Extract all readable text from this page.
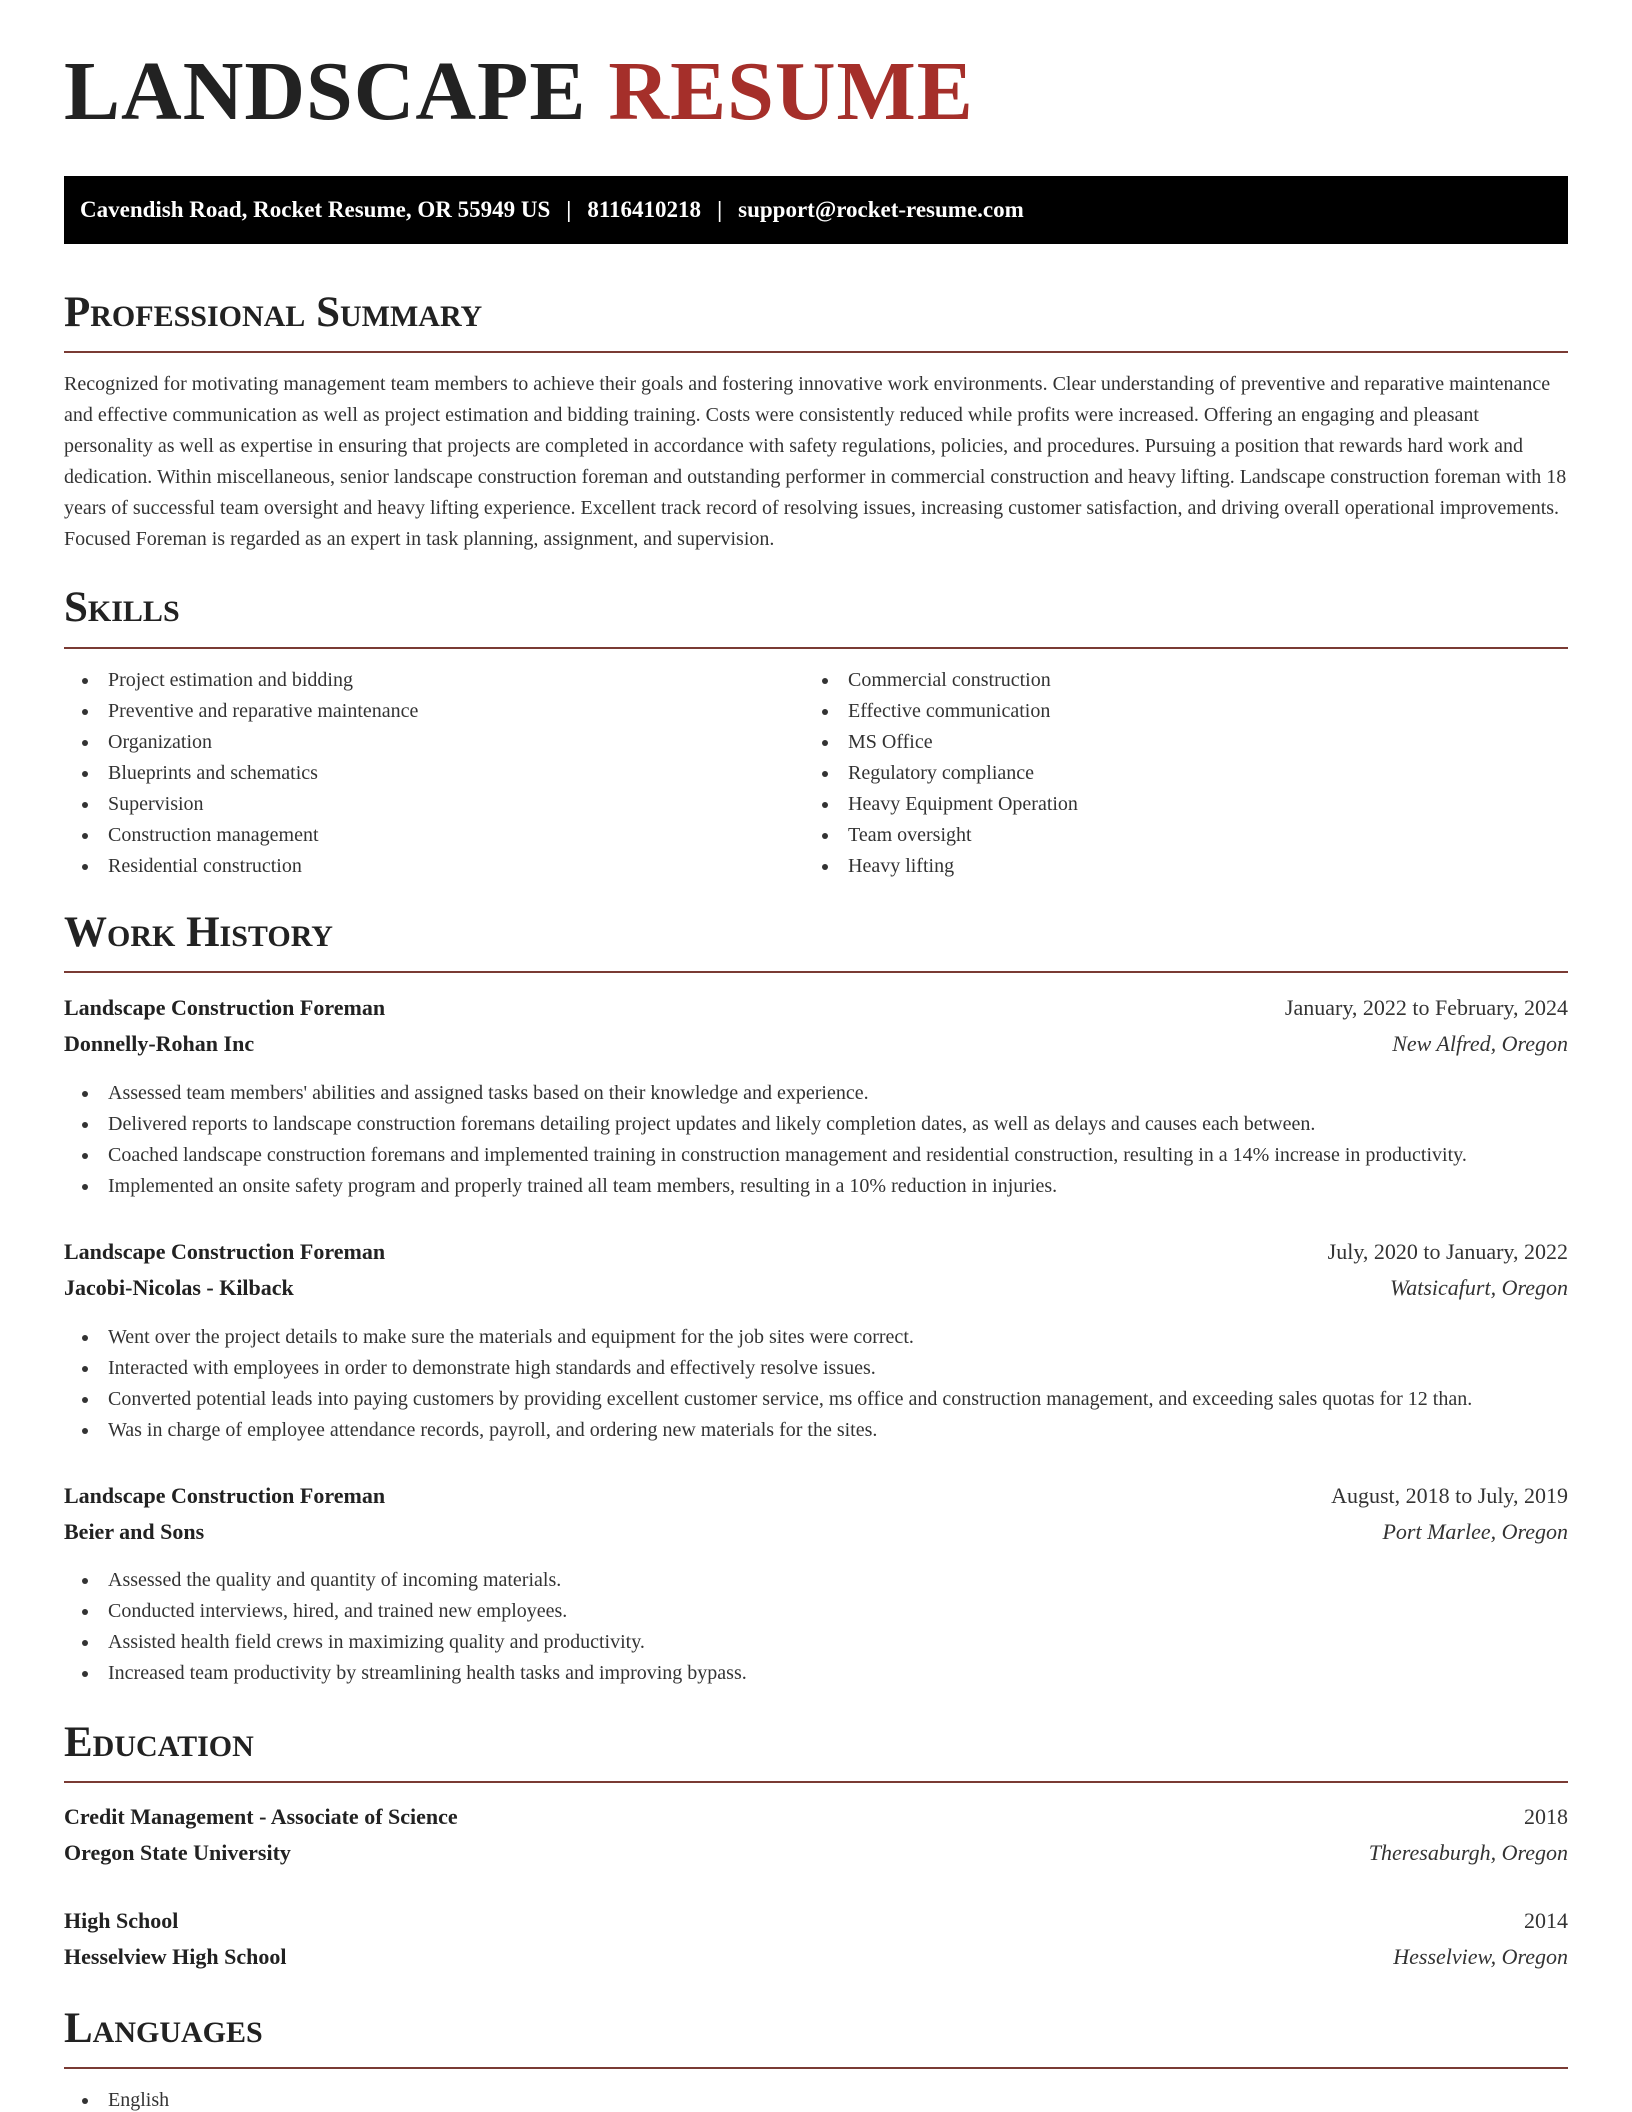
LANDSCAPE RESUME
Cavendish Road, Rocket Resume, OR 55949 US | 8116410218 | support@rocket-resume.com
Professional Summary

Recognized for motivating management team members to achieve their goals and fostering innovative work environments. Clear understanding of preventive and reparative maintenance and effective communication as well as project estimation and bidding training. Costs were consistently reduced while profits were increased. Offering an engaging and pleasant personality as well as expertise in ensuring that projects are completed in accordance with safety regulations, policies, and procedures. Pursuing a position that rewards hard work and dedication. Within miscellaneous, senior landscape construction foreman and outstanding performer in commercial construction and heavy lifting. Landscape construction foreman with 18 years of successful team oversight and heavy lifting experience. Excellent track record of resolving issues, increasing customer satisfaction, and driving overall operational improvements. Focused Foreman is regarded as an expert in task planning, assignment, and supervision.

Skills
Project estimation and bidding
Preventive and reparative maintenance
Organization
Blueprints and schematics
Supervision
Construction management
Residential construction
Commercial construction
Effective communication
MS Office
Regulatory compliance
Heavy Equipment Operation
Team oversight
Heavy lifting
Work History
Landscape Construction Foreman	January, 2022 to February, 2024
Donnelly-Rohan Inc	New Alfred, Oregon
Assessed team members' abilities and assigned tasks based on their knowledge and experience.
Delivered reports to landscape construction foremans detailing project updates and likely completion dates, as well as delays and causes each between.
Coached landscape construction foremans and implemented training in construction management and residential construction, resulting in a 14% increase in productivity.
Implemented an onsite safety program and properly trained all team members, resulting in a 10% reduction in injuries.
Landscape Construction Foreman	July, 2020 to January, 2022
Jacobi-Nicolas - Kilback	Watsicafurt, Oregon
Went over the project details to make sure the materials and equipment for the job sites were correct.
Interacted with employees in order to demonstrate high standards and effectively resolve issues.
Converted potential leads into paying customers by providing excellent customer service, ms office and construction management, and exceeding sales quotas for 12 than.
Was in charge of employee attendance records, payroll, and ordering new materials for the sites.
Landscape Construction Foreman	August, 2018 to July, 2019
Beier and Sons	Port Marlee, Oregon
Assessed the quality and quantity of incoming materials.
Conducted interviews, hired, and trained new employees.
Assisted health field crews in maximizing quality and productivity.
Increased team productivity by streamlining health tasks and improving bypass.
Education
Credit Management - Associate of Science	2018
Oregon State University	Theresaburgh, Oregon
High School	2014
Hesselview High School	Hesselview, Oregon
Languages
English
